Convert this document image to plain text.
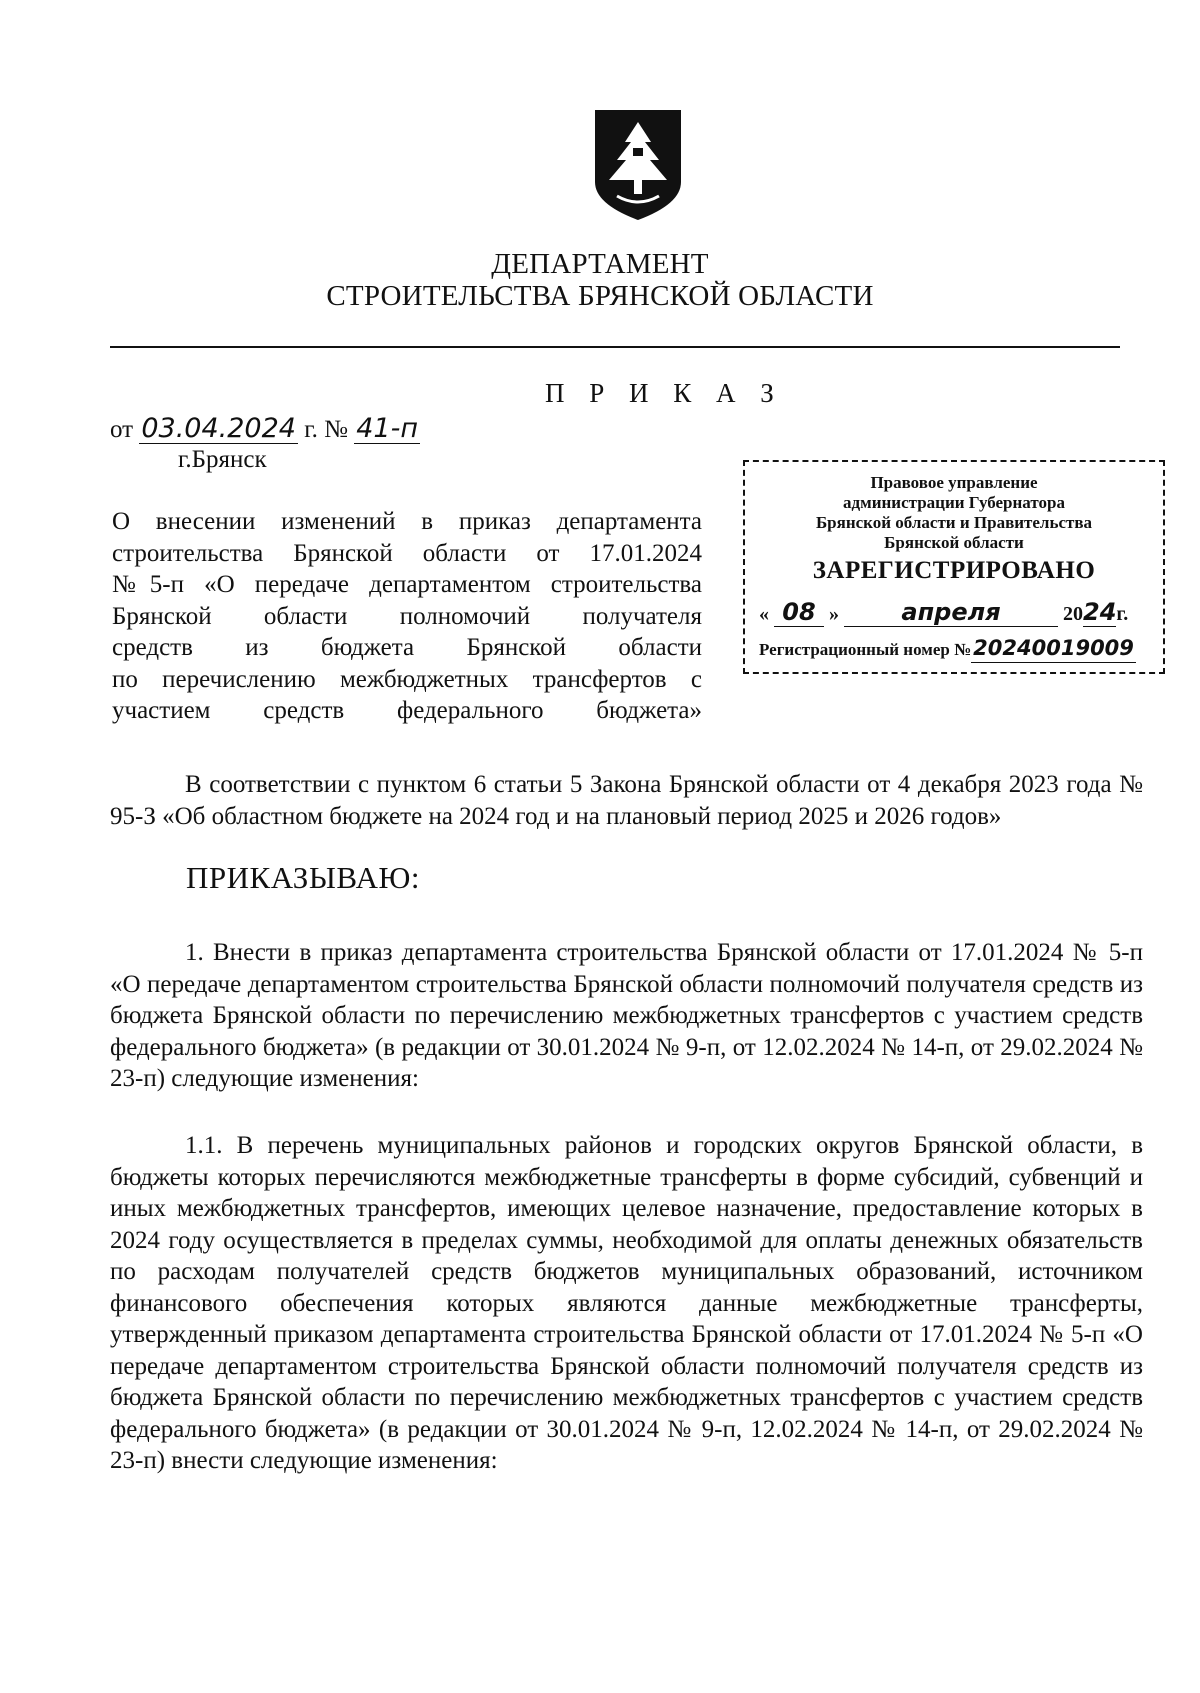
ДЕПАРТАМЕНТ
СТРОИТЕЛЬСТВА БРЯНСКОЙ ОБЛАСТИ
П Р И К А З
от 03.04.2024 г. № 41-п
г.Брянск
О внесении изменений в приказ департамента
строительства Брянской области от 17.01.2024
№5-п «О передаче департаментом строительства
Брянской области полномочий получателя
средств из бюджета Брянской области
по перечислению межбюджетных трансфертов с
участием средств федерального бюджета»
Правовое управление
администрации Губернатора
Брянской области и Правительства
Брянской области
ЗАРЕГИСТРИРОВАНО
« 08 »	апреля	2024г.
Регистрационный номер №20240019009
В соответствии с пунктом 6 статьи 5 Закона Брянской области от 4 декабря 2023 года № 95-З «Об областном бюджете на 2024 год и на плановый период 2025 и 2026 годов»
ПРИКАЗЫВАЮ:
1. Внести в приказ департамента строительства Брянской области от 17.01.2024 № 5-п «О передаче департаментом строительства Брянской области полномочий получателя средств из бюджета Брянской области по перечислению межбюджетных трансфертов с участием средств федерального бюджета» (в редакции от 30.01.2024 № 9-п, от 12.02.2024 № 14-п, от 29.02.2024 № 23-п) следующие изменения:
1.1. В перечень муниципальных районов и городских округов Брянской области, в бюджеты которых перечисляются межбюджетные трансферты в форме субсидий, субвенций и иных межбюджетных трансфертов, имеющих целевое назначение, предоставление которых в 2024 году осуществляется в пределах суммы, необходимой для оплаты денежных обязательств по расходам получателей средств бюджетов муниципальных образований, источником финансового обеспечения которых являются данные межбюджетные трансферты, утвержденный приказом департамента строительства Брянской области от 17.01.2024 № 5-п «О передаче департаментом строительства Брянской области полномочий получателя средств из бюджета Брянской области по перечислению межбюджетных трансфертов с участием средств федерального бюджета» (в редакции от 30.01.2024 № 9-п, 12.02.2024 № 14-п, от 29.02.2024 № 23-п) внести следующие изменения:
